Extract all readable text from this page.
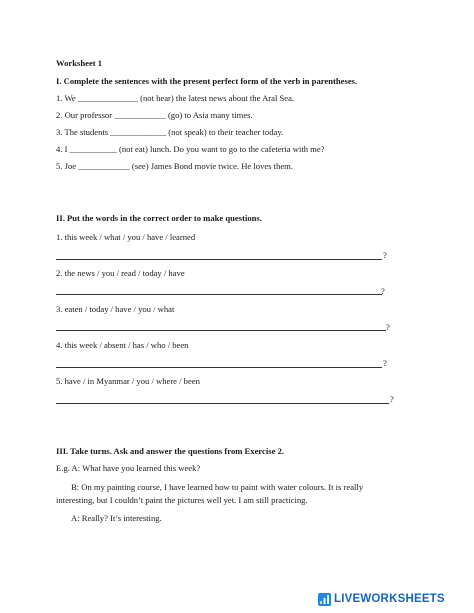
Worksheet 1
I. Complete the sentences with the present perfect form of the verb in parentheses.
1. We ______________ (not hear) the latest news about the Aral Sea.
2. Our professor ____________ (go) to Asia many times.
3. The students _____________ (not speak) to their teacher today.
4. I ___________ (not eat) lunch. Do you want to go to the cafeteria with me?
5. Joe ____________ (see) James Bond movie twice. He loves them.
II. Put the words in the correct order to make questions.
1. this week / what / you / have / learned
?
2. the news / you / read / today / have
?
3. eaten / today / have / you / what
?
4. this week / absent / has / who / been
?
5. have / in Myanmar / you / where / been
?
III. Take turns. Ask and answer the questions from Exercise 2.
E.g. A: What have you learned this week?
B: On my painting course, I have learned how to paint with water colours. It is really interesting, but I couldn’t paint the pictures well yet. I am still practicing.
A: Really? It’s interesting.
LIVEWORKSHEETS
